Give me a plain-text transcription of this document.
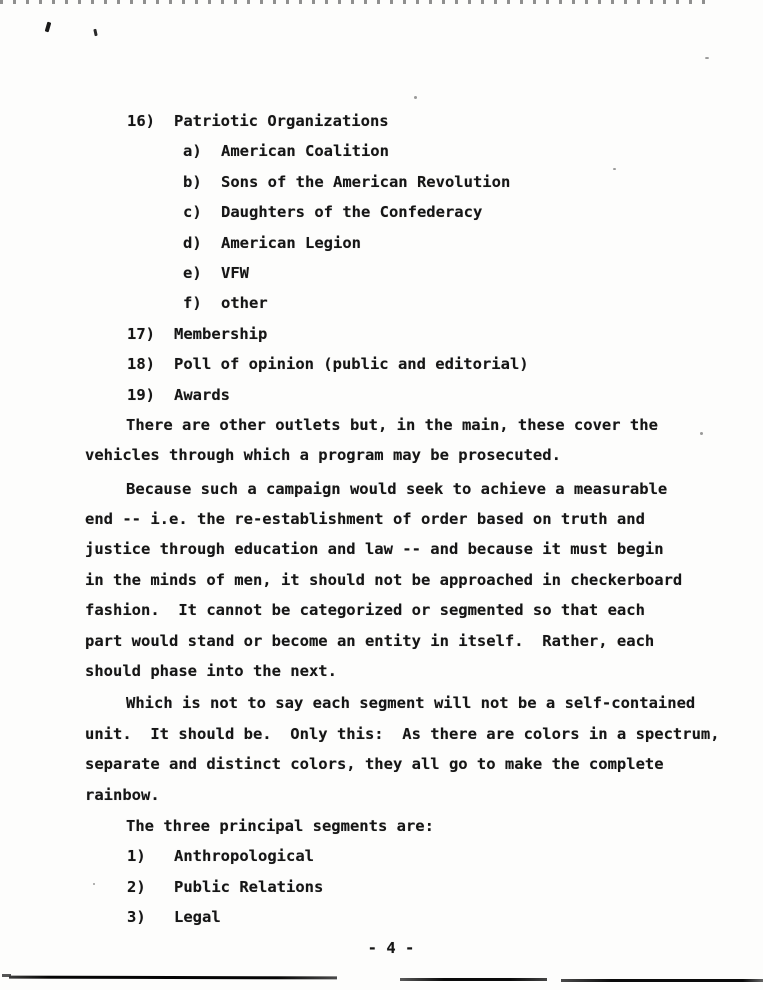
16) Patriotic Organizations
a) American Coalition
b) Sons of the American Revolution
c) Daughters of the Confederacy
d) American Legion
e) VFW
f) other
17) Membership
18) Poll of opinion (public and editorial)
19) Awards
There are other outlets but, in the main, these cover the
vehicles through which a program may be prosecuted.
Because such a campaign would seek to achieve a measurable
end -- i.e. the re-establishment of order based on truth and
justice through education and law -- and because it must begin
in the minds of men, it should not be approached in checkerboard
fashion.  It cannot be categorized or segmented so that each
part would stand or become an entity in itself.  Rather, each
should phase into the next.
Which is not to say each segment will not be a self-contained
unit.  It should be.  Only this:  As there are colors in a spectrum,
separate and distinct colors, they all go to make the complete
rainbow.
The three principal segments are:
1) Anthropological
2) Public Relations
3) Legal
- 4 -
